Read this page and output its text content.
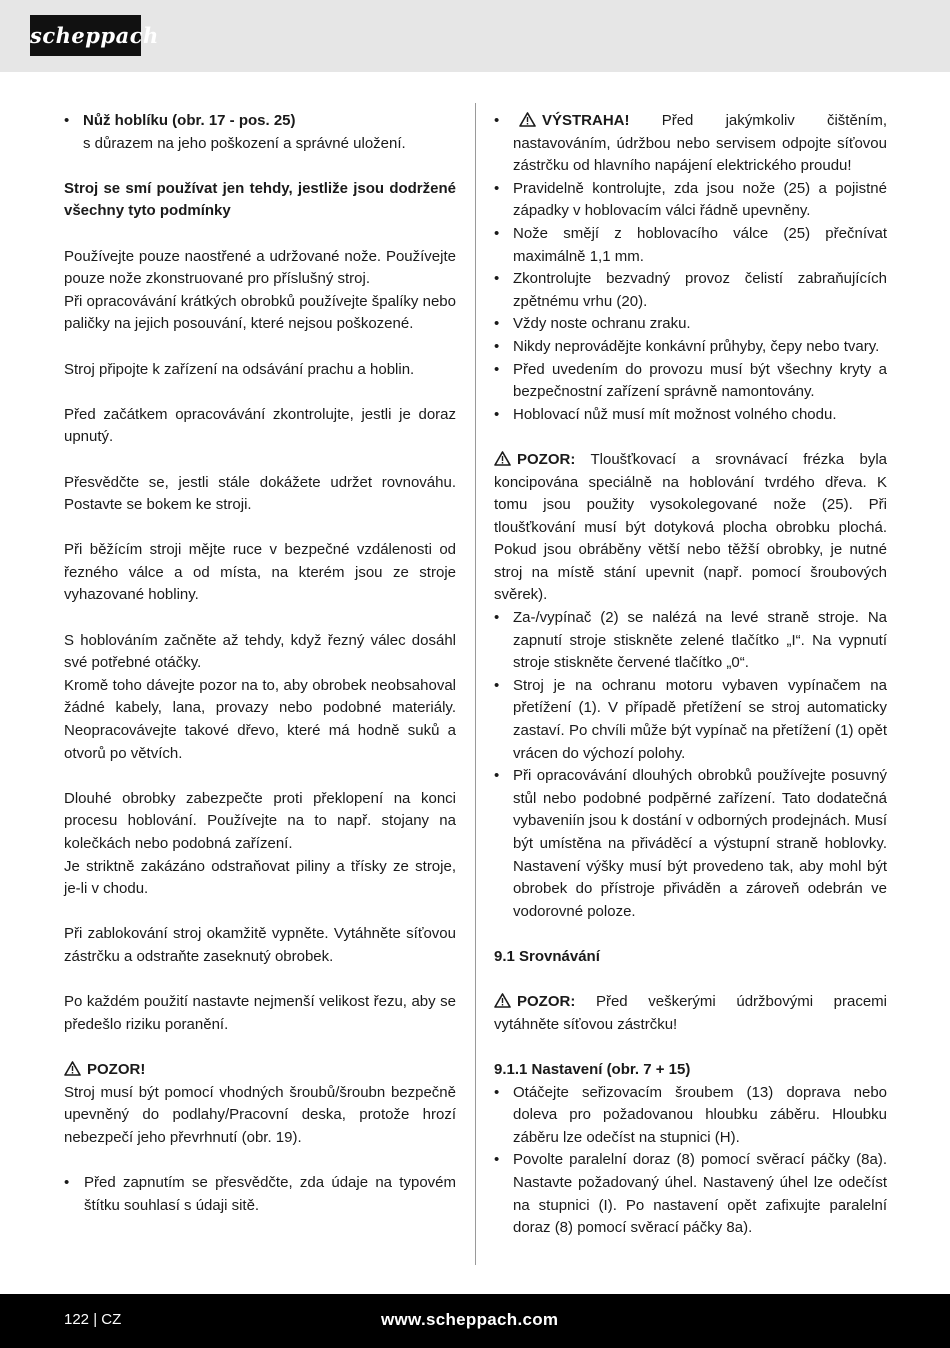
scheppach
• Nůž hoblíku (obr. 17 - pos. 25)
s důrazem na jeho poškození a správné uložení.

Stroj se smí používat jen tehdy, jestliže jsou dodržené všechny tyto podmínky

Používejte pouze naostřené a udržované nože. Používejte pouze nože zkonstruované pro příslušný stroj.

Při opracovávání krátkých obrobků používejte špalíky nebo paličky na jejich posouvání, které nejsou poškozené.

Stroj připojte k zařízení na odsávání prachu a hoblin.

Před začátkem opracovávání zkontrolujte, jestli je doraz upnutý.

Přesvědčte se, jestli stále dokážete udržet rovnováhu. Postavte se bokem ke stroji.

Při běžícím stroji mějte ruce v bezpečné vzdálenosti od řezného válce a od místa, na kterém jsou ze stroje vyhazované hobliny.

S hoblováním začněte až tehdy, když řezný válec dosáhl své potřebné otáčky.

Kromě toho dávejte pozor na to, aby obrobek neobsahoval žádné kabely, lana, provazy nebo podobné materiály. Neopracovávejte takové dřevo, které má hodně suků a otvorů po větvích.

Dlouhé obrobky zabezpečte proti překlopení na konci procesu hoblování. Používejte na to např. stojany na kolečkách nebo podobná zařízení.

Je striktně zakázáno odstraňovat piliny a třísky ze stroje, je-li v chodu.

Při zablokování stroj okamžitě vypněte. Vytáhněte síťovou zástrčku a odstraňte zaseknutý obrobek.

Po každém použití nastavte nejmenší velikost řezu, aby se předešlo riziku poranění.

POZOR!

Stroj musí být pomocí vhodných šroubů/šroubn bezpečně upevněný do podlahy/Pracovní deska, protože hrozí nebezpečí jeho převrhnutí (obr. 19).

• Před zapnutím se přesvědčte, zda údaje na typovém štítku souhlasí s údaji sitě.
• VÝSTRAHA! Před jakýmkoliv čištěním, nastavováním, údržbou nebo servisem odpojte síťovou zástrčku od hlavního napájení elektrického proudu!
• Pravidelně kontrolujte, zda jsou nože (25) a pojistné západky v hoblovacím válci řádně upevněny.
• Nože smějí z hoblovacího válce (25) přečnívat maximálně 1,1 mm.
• Zkontrolujte bezvadný provoz čelistí zabraňujících zpětnému vrhu (20).
• Vždy noste ochranu zraku.
• Nikdy neprovádějte konkávní průhyby, čepy nebo tvary.
• Před uvedením do provozu musí být všechny kryty a bezpečnostní zařízení správně namontovány.
• Hoblovací nůž musí mít možnost volného chodu.

POZOR: Tloušťkovací a srovnávací frézka byla koncipována speciálně na hoblování tvrdého dřeva. K tomu jsou použity vysokolegované nože (25). Při tloušťkování musí být dotyková plocha obrobku plochá. Pokud jsou obráběny větší nebo těžší obrobky, je nutné stroj na místě stání upevnit (např. pomocí šroubových svěrek).

• Za-/vypínač (2) se nalézá na levé straně stroje. Na zapnutí stroje stiskněte zelené tlačítko „I“. Na vypnutí stroje stiskněte červené tlačítko „0“.
• Stroj je na ochranu motoru vybaven vypínačem na přetížení (1). V případě přetížení se stroj automaticky zastaví. Po chvíli může být vypínač na přetížení (1) opět vrácen do výchozí polohy.
• Při opracovávání dlouhých obrobků používejte posuvný stůl nebo podobné podpěrné zařízení. Tato dodatečná vybaveniín jsou k dostání v odborných prodejnách. Musí být umístěna na přiváděcí a výstupní straně hoblovky. Nastavení výšky musí být provedeno tak, aby mohl být obrobek do přístroje přiváděn a zároveň odebrán ve vodorovné poloze.

9.1 Srovnávání

POZOR: Před veškerými údržbovými pracemi vytáhněte síťovou zástrčku!

9.1.1 Nastavení (obr. 7 + 15)

• Otáčejte seřizovacím šroubem (13) doprava nebo doleva pro požadovanou hloubku záběru. Hloubku záběru lze odečíst na stupnici (H).
• Povolte paralelní doraz (8) pomocí svěrací páčky (8a). Nastavte požadovaný úhel. Nastavený úhel lze odečíst na stupnici (I). Po nastavení opět zafixujte paralelní doraz (8) pomocí svěrací páčky 8a).
122 | CZ	www.scheppach.com
